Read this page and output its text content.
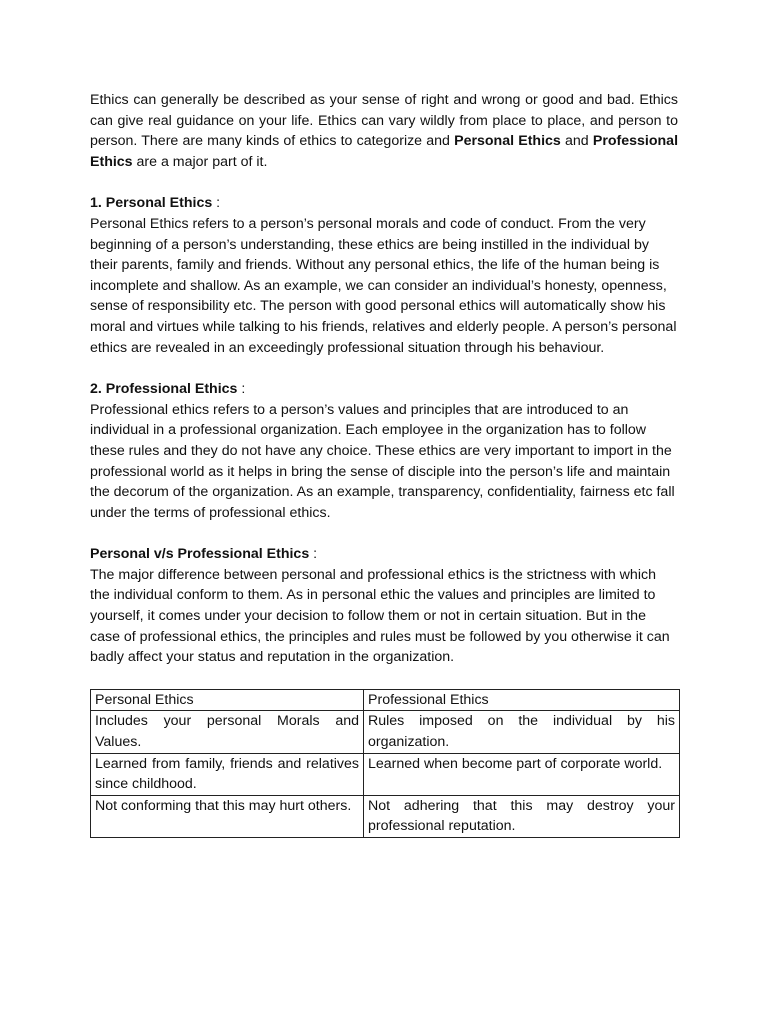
Ethics can generally be described as your sense of right and wrong or good and bad. Ethics can give real guidance on your life. Ethics can vary wildly from place to place, and person to person. There are many kinds of ethics to categorize and Personal Ethics and Professional Ethics are a major part of it.

1. Personal Ethics :

Personal Ethics refers to a person’s personal morals and code of conduct. From the very beginning of a person’s understanding, these ethics are being instilled in the individual by their parents, family and friends. Without any personal ethics, the life of the human being is incomplete and shallow. As an example, we can consider an individual’s honesty, openness, sense of responsibility etc. The person with good personal ethics will automatically show his moral and virtues while talking to his friends, relatives and elderly people. A person’s personal ethics are revealed in an exceedingly professional situation through his behaviour.

2. Professional Ethics :

Professional ethics refers to a person’s values and principles that are introduced to an individual in a professional organization. Each employee in the organization has to follow these rules and they do not have any choice. These ethics are very important to import in the professional world as it helps in bring the sense of disciple into the person’s life and maintain the decorum of the organization. As an example, transparency, confidentiality, fairness etc fall under the terms of professional ethics.

Personal v/s Professional Ethics :

The major difference between personal and professional ethics is the strictness with which the individual conform to them. As in personal ethic the values and principles are limited to yourself, it comes under your decision to follow them or not in certain situation. But in the case of professional ethics, the principles and rules must be followed by you otherwise it can badly affect your status and reputation in the organization.

Personal Ethics	Professional Ethics
Includes your personal Morals and Values.	Rules imposed on the individual by his organization.
Learned from family, friends and relatives since childhood.	Learned when become part of corporate world.
Not conforming that this may hurt others.	Not adhering that this may destroy your professional reputation.
